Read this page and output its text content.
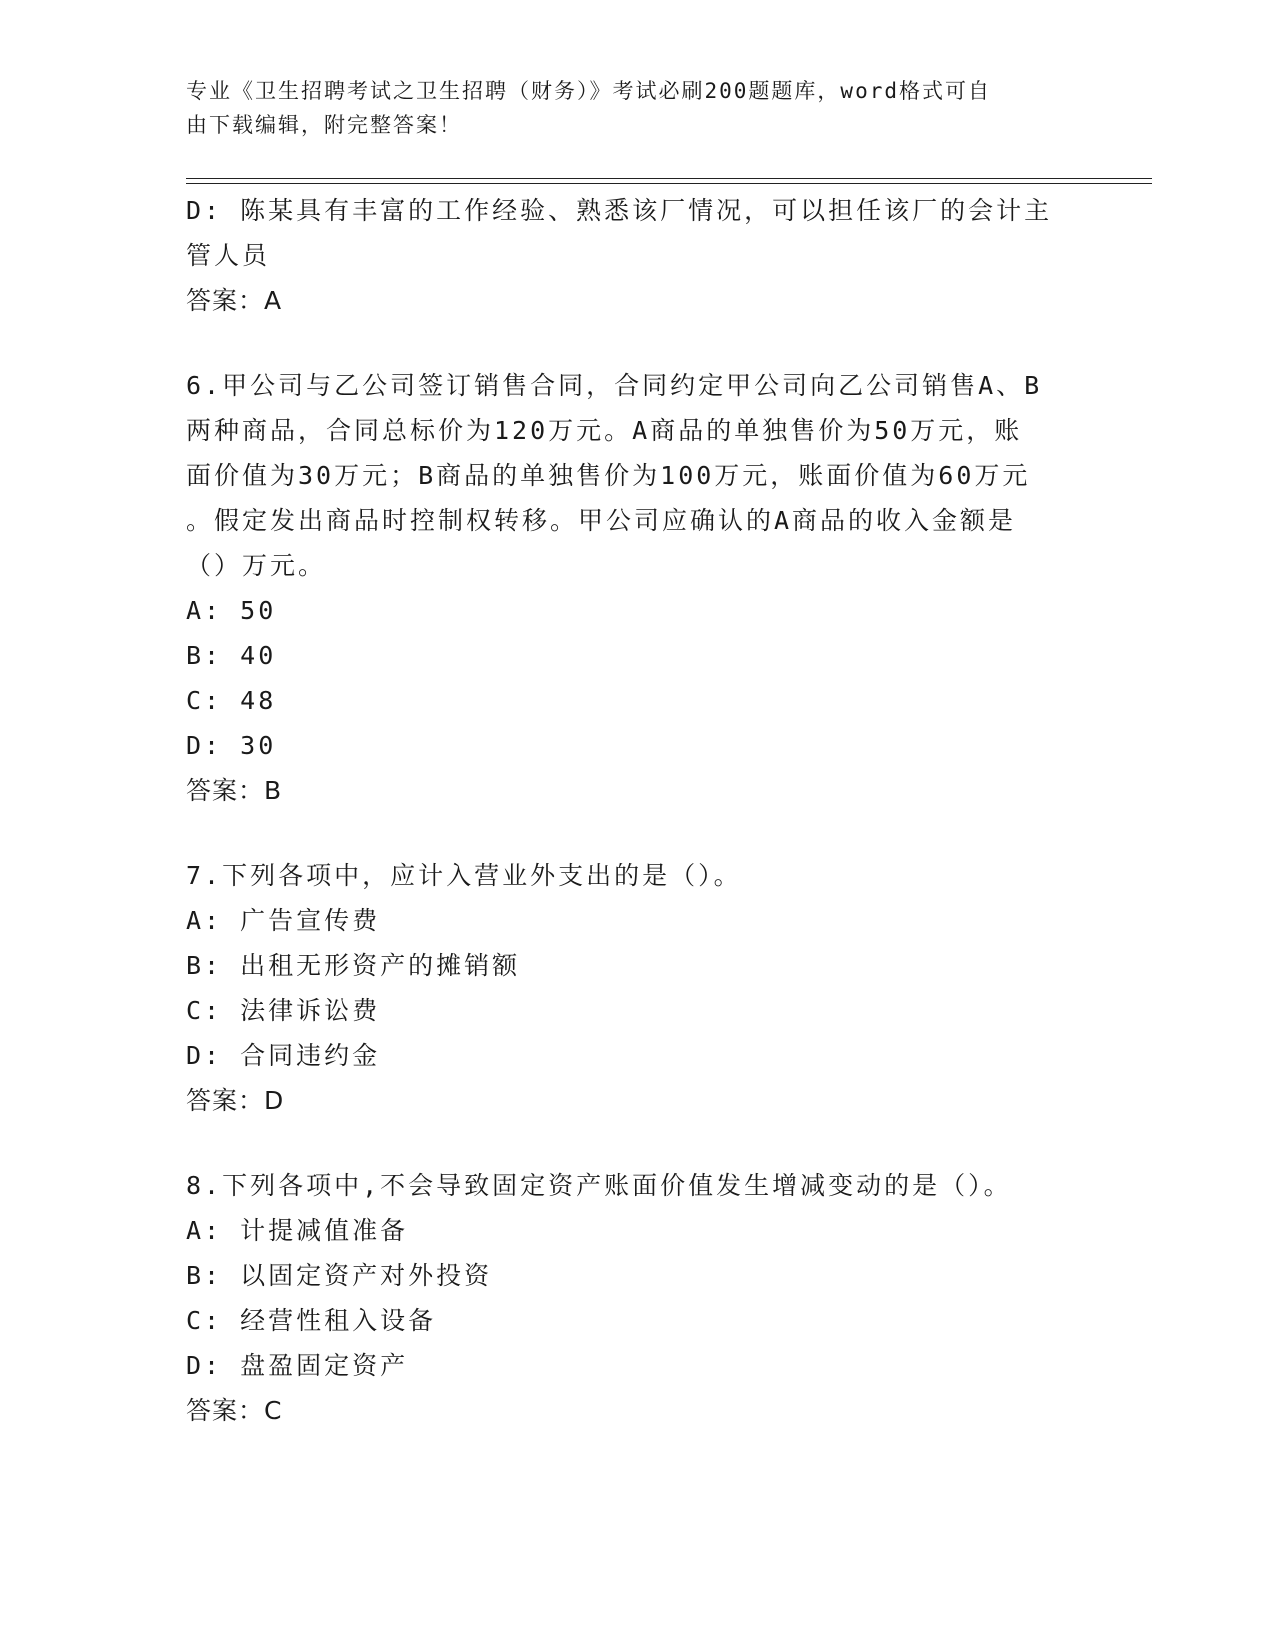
专业《卫生招聘考试之卫生招聘（财务）》考试必刷200题题库，word格式可自
由下载编辑，附完整答案！

D: 陈某具有丰富的工作经验、熟悉该厂情况，可以担任该厂的会计主

管人员

答案：A

6.甲公司与乙公司签订销售合同，合同约定甲公司向乙公司销售A、B

两种商品，合同总标价为120万元。A商品的单独售价为50万元，账

面价值为30万元；B商品的单独售价为100万元，账面价值为60万元

。假定发出商品时控制权转移。甲公司应确认的A商品的收入金额是

（）万元。

A: 50

B: 40

C: 48

D: 30

答案：B

7.下列各项中，应计入营业外支出的是（）。

A: 广告宣传费

B: 出租无形资产的摊销额

C: 法律诉讼费

D: 合同违约金

答案：D

8.下列各项中,不会导致固定资产账面价值发生增减变动的是（）。

A: 计提减值准备

B: 以固定资产对外投资

C: 经营性租入设备

D: 盘盈固定资产

答案：C
